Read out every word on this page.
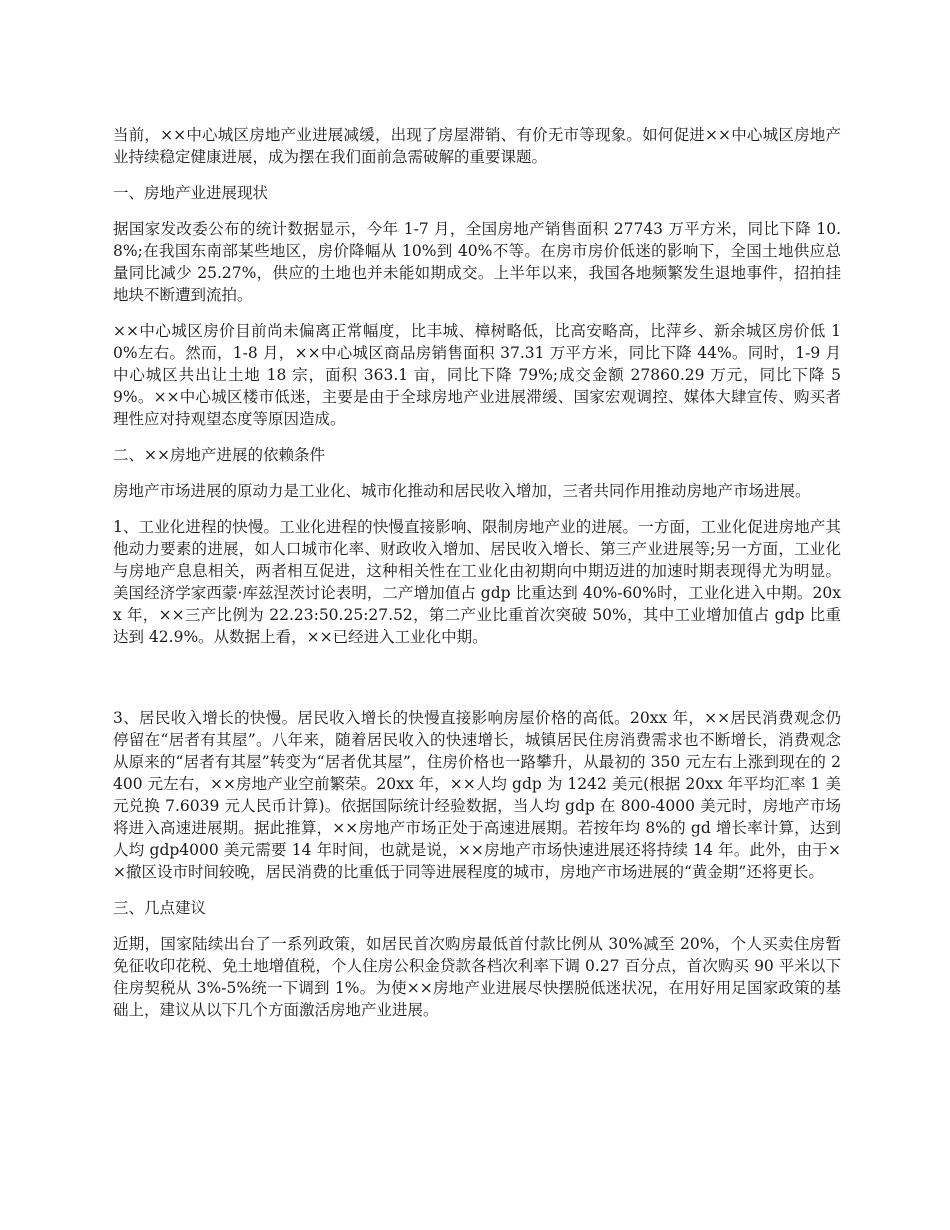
当前，××中心城区房地产业进展减缓，出现了房屋滞销、有价无市等现象。如何促进××中心城区房地产业持续稳定健康进展，成为摆在我们面前急需破解的重要课题。

一、房地产业进展现状

据国家发改委公布的统计数据显示，今年 1-7 月，全国房地产销售面积 27743 万平方米，同比下降 10.8%;在我国东南部某些地区，房价降幅从 10%到 40%不等。在房市房价低迷的影响下，全国土地供应总量同比减少 25.27%，供应的土地也并未能如期成交。上半年以来，我国各地频繁发生退地事件，招拍挂地块不断遭到流拍。

××中心城区房价目前尚未偏离正常幅度，比丰城、樟树略低，比高安略高，比萍乡、新余城区房价低 10%左右。然而，1-8 月，××中心城区商品房销售面积 37.31 万平方米，同比下降 44%。同时，1-9 月中心城区共出让土地 18 宗，面积 363.1 亩，同比下降 79%;成交金额 27860.29 万元，同比下降 59%。××中心城区楼市低迷，主要是由于全球房地产业进展滞缓、国家宏观调控、媒体大肆宣传、购买者理性应对持观望态度等原因造成。

二、××房地产进展的依赖条件

房地产市场进展的原动力是工业化、城市化推动和居民收入增加，三者共同作用推动房地产市场进展。

1、工业化进程的快慢。工业化进程的快慢直接影响、限制房地产业的进展。一方面，工业化促进房地产其他动力要素的进展，如人口城市化率、财政收入增加、居民收入增长、第三产业进展等;另一方面，工业化与房地产息息相关，两者相互促进，这种相关性在工业化由初期向中期迈进的加速时期表现得尤为明显。美国经济学家西蒙·库兹涅茨讨论表明，二产增加值占 gdp 比重达到 40%-60%时，工业化进入中期。20xx 年，××三产比例为 22.23:50.25:27.52，第二产业比重首次突破 50%，其中工业增加值占 gdp 比重达到 42.9%。从数据上看，××已经进入工业化中期。

3、居民收入增长的快慢。居民收入增长的快慢直接影响房屋价格的高低。20xx 年，××居民消费观念仍停留在“居者有其屋”。八年来，随着居民收入的快速增长，城镇居民住房消费需求也不断增长，消费观念从原来的“居者有其屋”转变为“居者优其屋”，住房价格也一路攀升，从最初的 350 元左右上涨到现在的 2400 元左右，××房地产业空前繁荣。20xx 年，××人均 gdp 为 1242 美元(根据 20xx 年平均汇率 1 美元兑换 7.6039 元人民币计算)。依据国际统计经验数据，当人均 gdp 在 800-4000 美元时，房地产市场将进入高速进展期。据此推算，××房地产市场正处于高速进展期。若按年均 8%的 gd 增长率计算，达到人均 gdp4000 美元需要 14 年时间，也就是说，××房地产市场快速进展还将持续 14 年。此外，由于××撤区设市时间较晚，居民消费的比重低于同等进展程度的城市，房地产市场进展的“黄金期”还将更长。

三、几点建议

近期，国家陆续出台了一系列政策，如居民首次购房最低首付款比例从 30%减至 20%，个人买卖住房暂免征收印花税、免土地增值税，个人住房公积金贷款各档次利率下调 0.27 百分点，首次购买 90 平米以下住房契税从 3%-5%统一下调到 1%。为使××房地产业进展尽快摆脱低迷状况，在用好用足国家政策的基础上，建议从以下几个方面激活房地产业进展。
